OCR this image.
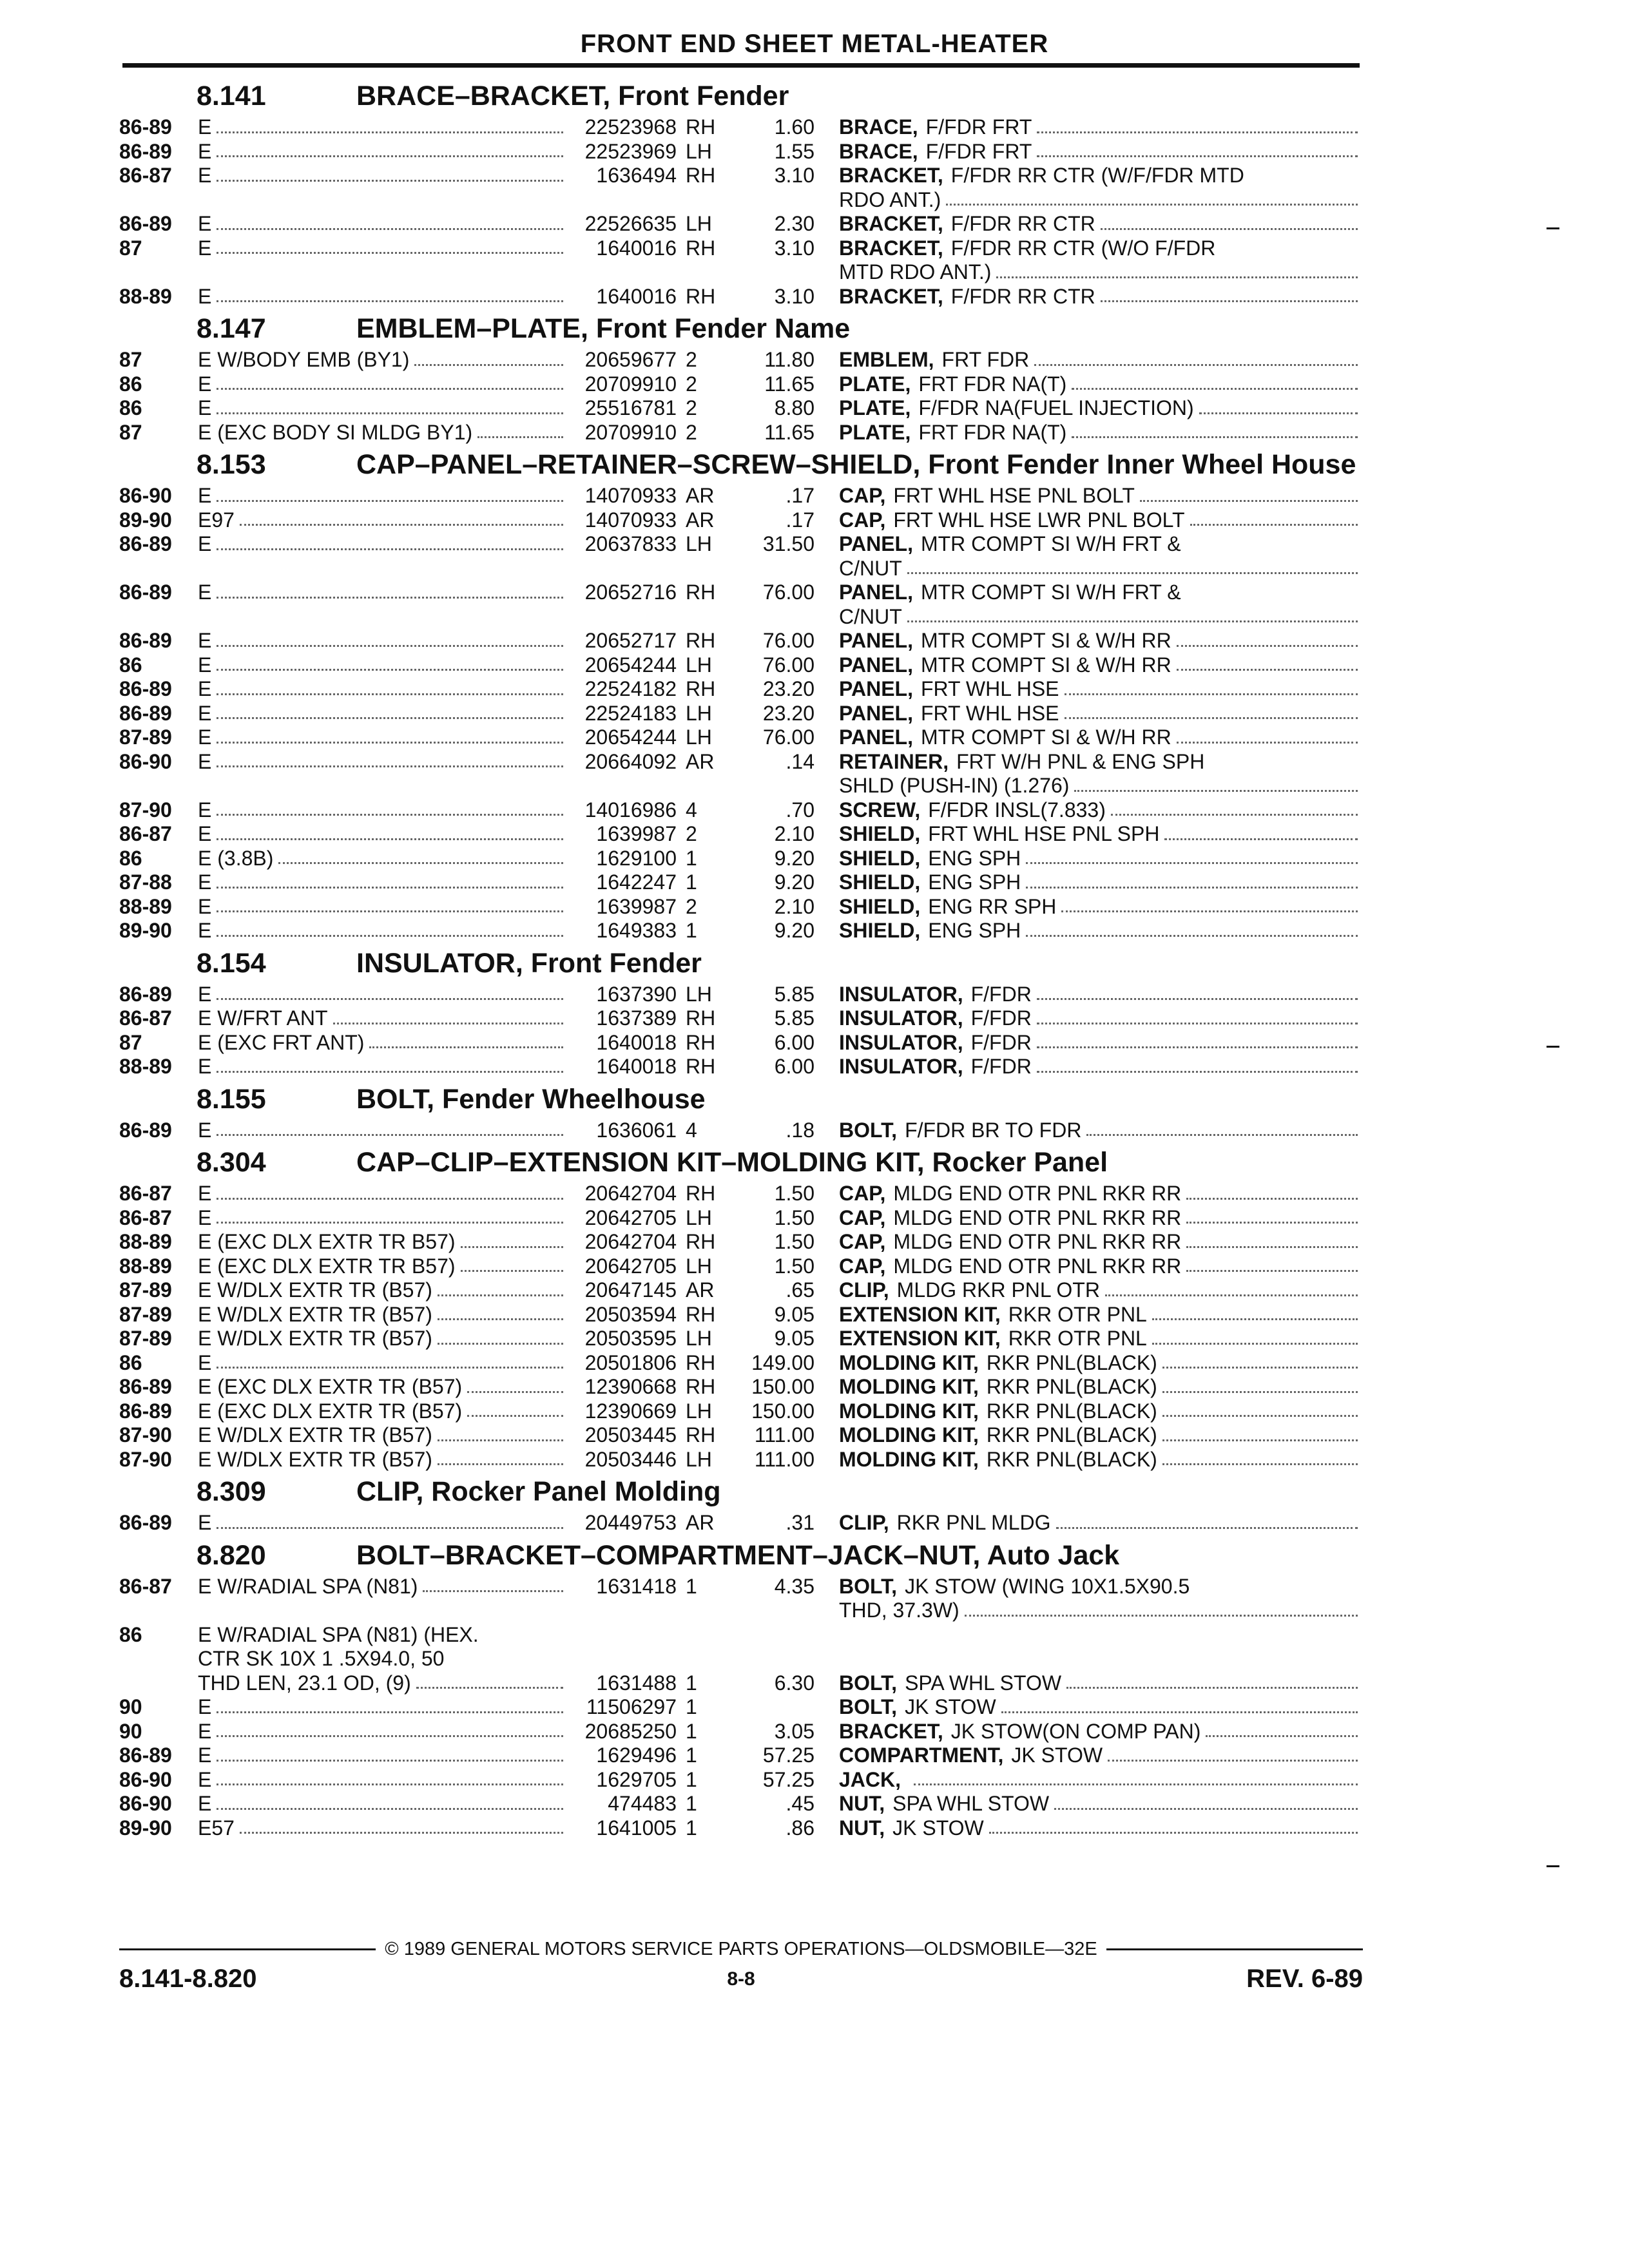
FRONT END SHEET METAL-HEATER
8.141	BRACE–BRACKET, Front Fender
86-89	E	22523968 RH	1.60 BRACE, F/FDR FRT
86-89	E	22523969 LH	1.55 BRACE, F/FDR FRT
86-87	E	1636494 RH	3.10 BRACKET, F/FDR RR CTR (W/F/FDR MTD
RDO ANT.)
86-89	E	22526635 LH	2.30 BRACKET, F/FDR RR CTR
87	E	1640016 RH	3.10 BRACKET, F/FDR RR CTR (W/O F/FDR
MTD RDO ANT.)
88-89	E	1640016 RH	3.10 BRACKET, F/FDR RR CTR
8.147	EMBLEM–PLATE, Front Fender Name
87	E W/BODY EMB (BY1)	20659677 2	11.80 EMBLEM, FRT FDR
86	E	20709910 2	11.65 PLATE, FRT FDR NA(T)
86	E	25516781 2	8.80 PLATE, F/FDR NA(FUEL INJECTION)
87	E (EXC BODY SI MLDG BY1)	20709910 2	11.65 PLATE, FRT FDR NA(T)
8.153	CAP–PANEL–RETAINER–SCREW–SHIELD, Front Fender Inner Wheel House
86-90	E	14070933 AR	.17 CAP, FRT WHL HSE PNL BOLT
89-90	E97	14070933 AR	.17 CAP, FRT WHL HSE LWR PNL BOLT
86-89	E	20637833 LH	31.50 PANEL, MTR COMPT SI W/H FRT &
C/NUT
86-89	E	20652716 RH	76.00 PANEL, MTR COMPT SI W/H FRT &
C/NUT
86-89	E	20652717 RH	76.00 PANEL, MTR COMPT SI & W/H RR
86	E	20654244 LH	76.00 PANEL, MTR COMPT SI & W/H RR
86-89	E	22524182 RH	23.20 PANEL, FRT WHL HSE
86-89	E	22524183 LH	23.20 PANEL, FRT WHL HSE
87-89	E	20654244 LH	76.00 PANEL, MTR COMPT SI & W/H RR
86-90	E	20664092 AR	.14 RETAINER, FRT W/H PNL & ENG SPH
SHLD (PUSH-IN) (1.276)
87-90	E	14016986 4	.70 SCREW, F/FDR INSL(7.833)
86-87	E	1639987 2	2.10 SHIELD, FRT WHL HSE PNL SPH
86	E (3.8B)	1629100 1	9.20 SHIELD, ENG SPH
87-88	E	1642247 1	9.20 SHIELD, ENG SPH
88-89	E	1639987 2	2.10 SHIELD, ENG RR SPH
89-90	E	1649383 1	9.20 SHIELD, ENG SPH
8.154	INSULATOR, Front Fender
86-89	E	1637390 LH	5.85 INSULATOR, F/FDR
86-87	E W/FRT ANT	1637389 RH	5.85 INSULATOR, F/FDR
87	E (EXC FRT ANT)	1640018 RH	6.00 INSULATOR, F/FDR
88-89	E	1640018 RH	6.00 INSULATOR, F/FDR
8.155	BOLT, Fender Wheelhouse
86-89	E	1636061 4	.18 BOLT, F/FDR BR TO FDR
8.304	CAP–CLIP–EXTENSION KIT–MOLDING KIT, Rocker Panel
86-87	E	20642704 RH	1.50 CAP, MLDG END OTR PNL RKR RR
86-87	E	20642705 LH	1.50 CAP, MLDG END OTR PNL RKR RR
88-89	E (EXC DLX EXTR TR B57)	20642704 RH	1.50 CAP, MLDG END OTR PNL RKR RR
88-89	E (EXC DLX EXTR TR B57)	20642705 LH	1.50 CAP, MLDG END OTR PNL RKR RR
87-89	E W/DLX EXTR TR (B57)	20647145 AR	.65 CLIP, MLDG RKR PNL OTR
87-89	E W/DLX EXTR TR (B57)	20503594 RH	9.05 EXTENSION KIT, RKR OTR PNL
87-89	E W/DLX EXTR TR (B57)	20503595 LH	9.05 EXTENSION KIT, RKR OTR PNL
86	E	20501806 RH	149.00 MOLDING KIT, RKR PNL(BLACK)
86-89	E (EXC DLX EXTR TR (B57)	12390668 RH	150.00 MOLDING KIT, RKR PNL(BLACK)
86-89	E (EXC DLX EXTR TR (B57)	12390669 LH	150.00 MOLDING KIT, RKR PNL(BLACK)
87-90	E W/DLX EXTR TR (B57)	20503445 RH	111.00 MOLDING KIT, RKR PNL(BLACK)
87-90	E W/DLX EXTR TR (B57)	20503446 LH	111.00 MOLDING KIT, RKR PNL(BLACK)
8.309	CLIP, Rocker Panel Molding
86-89	E	20449753 AR	.31 CLIP, RKR PNL MLDG
8.820	BOLT–BRACKET–COMPARTMENT–JACK–NUT, Auto Jack
86-87	E W/RADIAL SPA (N81)	1631418 1	4.35 BOLT, JK STOW (WING 10X1.5X90.5
THD, 37.3W)
86	E W/RADIAL SPA (N81) (HEX.
CTR SK 10X 1 .5X94.0, 50
THD LEN, 23.1 OD, (9)	1631488 1	6.30 BOLT, SPA WHL STOW
90	E	11506297 1	BOLT, JK STOW
90	E	20685250 1	3.05 BRACKET, JK STOW(ON COMP PAN)
86-89	E	1629496 1	57.25 COMPARTMENT, JK STOW
86-90	E	1629705 1	57.25 JACK,
86-90	E	474483 1	.45 NUT, SPA WHL STOW
89-90	E57	1641005 1	.86 NUT, JK STOW
© 1989 GENERAL MOTORS SERVICE PARTS OPERATIONS—OLDSMOBILE—32E
8.141-8.820	8-8	REV. 6-89
